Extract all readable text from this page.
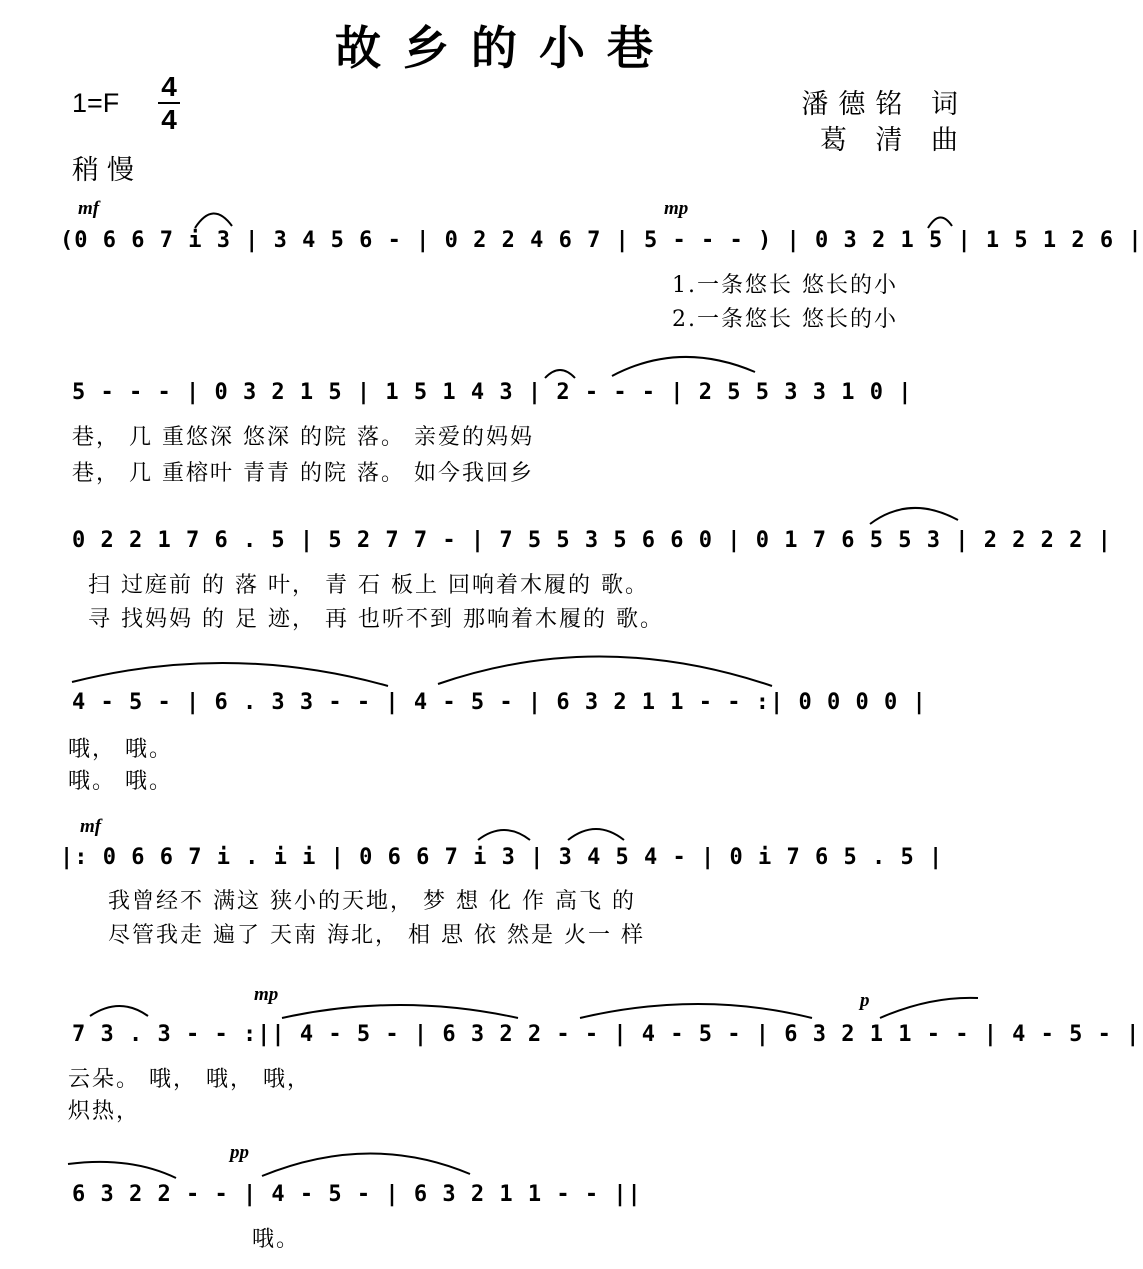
故乡的小巷
1=F
4
4
稍慢
潘德铭 词
葛 清 曲
mf	mp
(0 6 6 7 i 3 | 3 4 5 6 - | 0 2 2 4 6 7 | 5 - - - ) | 0 3 2 1 5 | 1 5 1 2 6 |
1.一条悠长 悠长的小
2.一条悠长 悠长的小
5 - - - | 0 3 2 1 5 | 1 5 1 4 3 | 2 - - - | 2 5 5 3 3 1 0 |
巷， 几 重悠深 悠深 的院 落。 亲爱的妈妈
巷， 几 重榕叶 青青 的院 落。 如今我回乡
0 2 2 1 7 6 . 5 | 5 2 7 7 - | 7 5 5 3 5 6 6 0 | 0 1 7 6 5 5 3 | 2 2 2 2 |
扫 过庭前 的 落 叶， 青 石 板上 回响着木履的 歌。
寻 找妈妈 的 足 迹， 再 也听不到 那响着木履的 歌。
4 - 5 - | 6 . 3 3 - - | 4 - 5 - | 6 3 2 1 1 - - :| 0 0 0 0 |
哦， 哦。
哦。 哦。
mf
|: 0 6 6 7 i . i i | 0 6 6 7 i 3 | 3 4 5 4 - | 0 i 7 6 5 . 5 |
我曾经不 满这 狭小的天地， 梦 想 化 作 高飞 的
尽管我走 遍了 天南 海北， 相 思 依 然是 火一 样
mp	p
7 3 . 3 - - :|| 4 - 5 - | 6 3 2 2 - - | 4 - 5 - | 6 3 2 1 1 - - | 4 - 5 - |
云朵。 哦， 哦， 哦，
炽热，
pp
6 3 2 2 - - | 4 - 5 - | 6 3 2 1 1 - - ||
哦。
